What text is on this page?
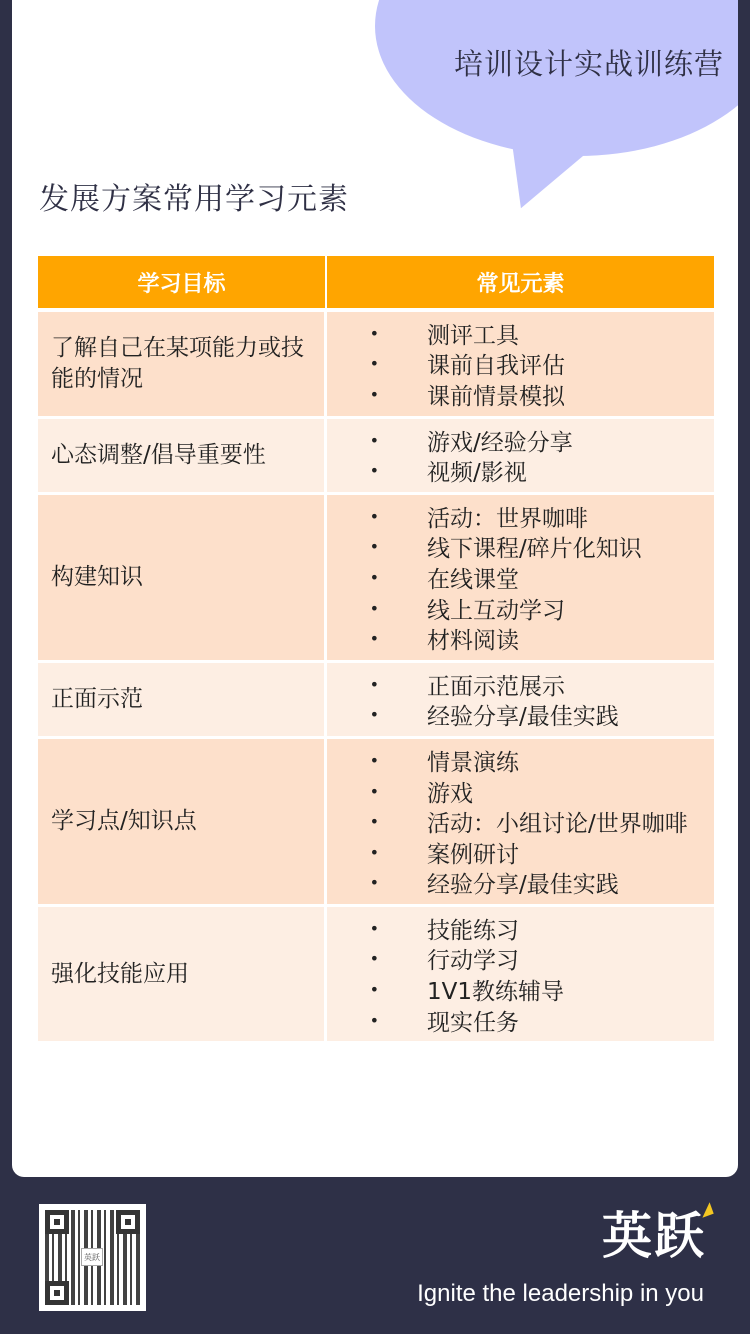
培训设计实战训练营
发展方案常用学习元素
学习目标	常见元素
了解自己在某项能力或技能的情况
•	测评工具
•	课前自我评估
•	课前情景模拟
心态调整/倡导重要性
•	游戏/经验分享
•	视频/影视
构建知识
•	活动：世界咖啡
•	线下课程/碎片化知识
•	在线课堂
•	线上互动学习
•	材料阅读
正面示范
•	正面示范展示
•	经验分享/最佳实践
学习点/知识点
•	情景演练
•	游戏
•	活动：小组讨论/世界咖啡
•	案例研讨
•	经验分享/最佳实践
强化技能应用
•	技能练习
•	行动学习
•	1V1教练辅导
•	现实任务
英跃	英跃
Ignite the leadership in you
